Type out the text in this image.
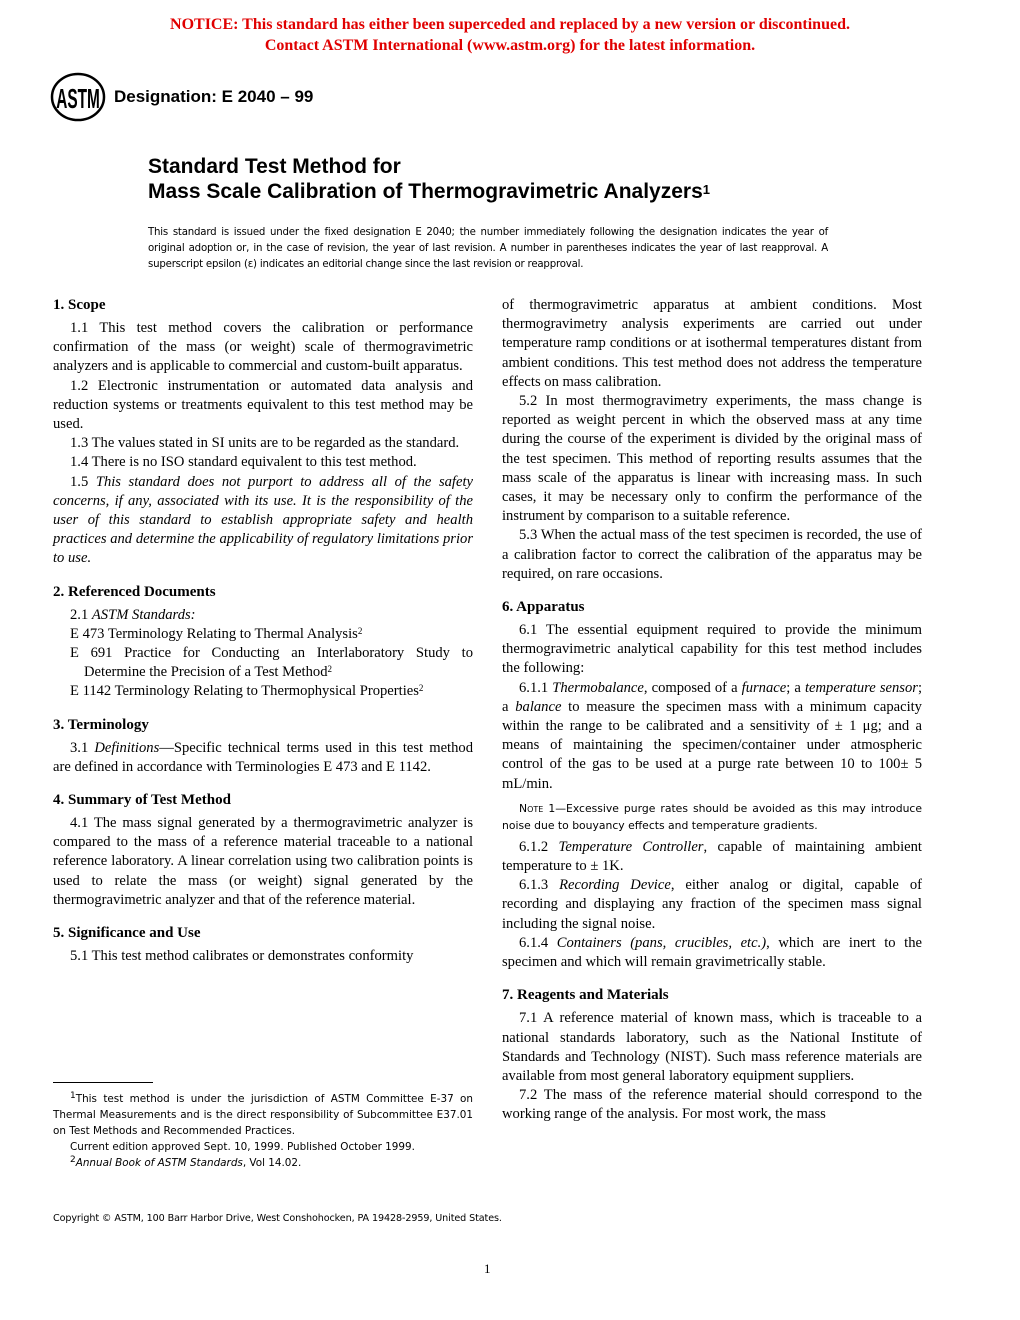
NOTICE: This standard has either been superceded and replaced by a new version or discontinued.
Contact ASTM International (www.astm.org) for the latest information.
ASTM Designation: E 2040 – 99
Standard Test Method for
Mass Scale Calibration of Thermogravimetric Analyzers$^1$
This standard is issued under the fixed designation E 2040; the number immediately following the designation indicates the year of original adoption or, in the case of revision, the year of last revision. A number in parentheses indicates the year of last reapproval. A superscript epsilon (ε) indicates an editorial change since the last revision or reapproval.
1. Scope

1.1 This test method covers the calibration or performance confirmation of the mass (or weight) scale of thermogravimetric analyzers and is applicable to commercial and custom-built apparatus.

1.2 Electronic instrumentation or automated data analysis and reduction systems or treatments equivalent to this test method may be used.

1.3 The values stated in SI units are to be regarded as the standard.

1.4 There is no ISO standard equivalent to this test method.

1.5 This standard does not purport to address all of the safety concerns, if any, associated with its use. It is the responsibility of the user of this standard to establish appropriate safety and health practices and determine the applicability of regulatory limitations prior to use.

2. Referenced Documents

2.1 ASTM Standards:

E 473 Terminology Relating to Thermal Analysis$^2$

E 691 Practice for Conducting an Interlaboratory Study to Determine the Precision of a Test Method$^2$

E 1142 Terminology Relating to Thermophysical Properties$^2$

3. Terminology

3.1 Definitions—Specific technical terms used in this test method are defined in accordance with Terminologies E 473 and E 1142.

4. Summary of Test Method

4.1 The mass signal generated by a thermogravimetric analyzer is compared to the mass of a reference material traceable to a national reference laboratory. A linear correlation using two calibration points is used to relate the mass (or weight) signal generated by the thermogravimetric analyzer and that of the reference material.

5. Significance and Use

5.1 This test method calibrates or demonstrates conformity

of thermogravimetric apparatus at ambient conditions. Most thermogravimetry analysis experiments are carried out under temperature ramp conditions or at isothermal temperatures distant from ambient conditions. This test method does not address the temperature effects on mass calibration.

5.2 In most thermogravimetry experiments, the mass change is reported as weight percent in which the observed mass at any time during the course of the experiment is divided by the original mass of the test specimen. This method of reporting results assumes that the mass scale of the apparatus is linear with increasing mass. In such cases, it may be necessary only to confirm the performance of the instrument by comparison to a suitable reference.

5.3 When the actual mass of the test specimen is recorded, the use of a calibration factor to correct the calibration of the apparatus may be required, on rare occasions.

6. Apparatus

6.1 The essential equipment required to provide the minimum thermogravimetric analytical capability for this test method includes the following:

6.1.1 Thermobalance, composed of a furnace; a temperature sensor; a balance to measure the specimen mass with a minimum capacity within the range to be calibrated and a sensitivity of ± 1 μg; and a means of maintaining the specimen/container under atmospheric control of the gas to be used at a purge rate between 10 to 100± 5 mL/min.

Note 1—Excessive purge rates should be avoided as this may introduce noise due to bouyancy effects and temperature gradients.

6.1.2 Temperature Controller, capable of maintaining ambient temperature to ± 1K.

6.1.3 Recording Device, either analog or digital, capable of recording and displaying any fraction of the specimen mass signal including the signal noise.

6.1.4 Containers (pans, crucibles, etc.), which are inert to the specimen and which will remain gravimetrically stable.

7. Reagents and Materials

7.1 A reference material of known mass, which is traceable to a national standards laboratory, such as the National Institute of Standards and Technology (NIST). Such mass reference materials are available from most general laboratory equipment suppliers.

7.2 The mass of the reference material should correspond to the working range of the analysis. For most work, the mass

$^1$This test method is under the jurisdiction of ASTM Committee E-37 on Thermal Measurements and is the direct responsibility of Subcommittee E37.01 on Test Methods and Recommended Practices.

Current edition approved Sept. 10, 1999. Published October 1999.

$^2$Annual Book of ASTM Standards, Vol 14.02.

Copyright © ASTM, 100 Barr Harbor Drive, West Conshohocken, PA 19428-2959, United States.
1
